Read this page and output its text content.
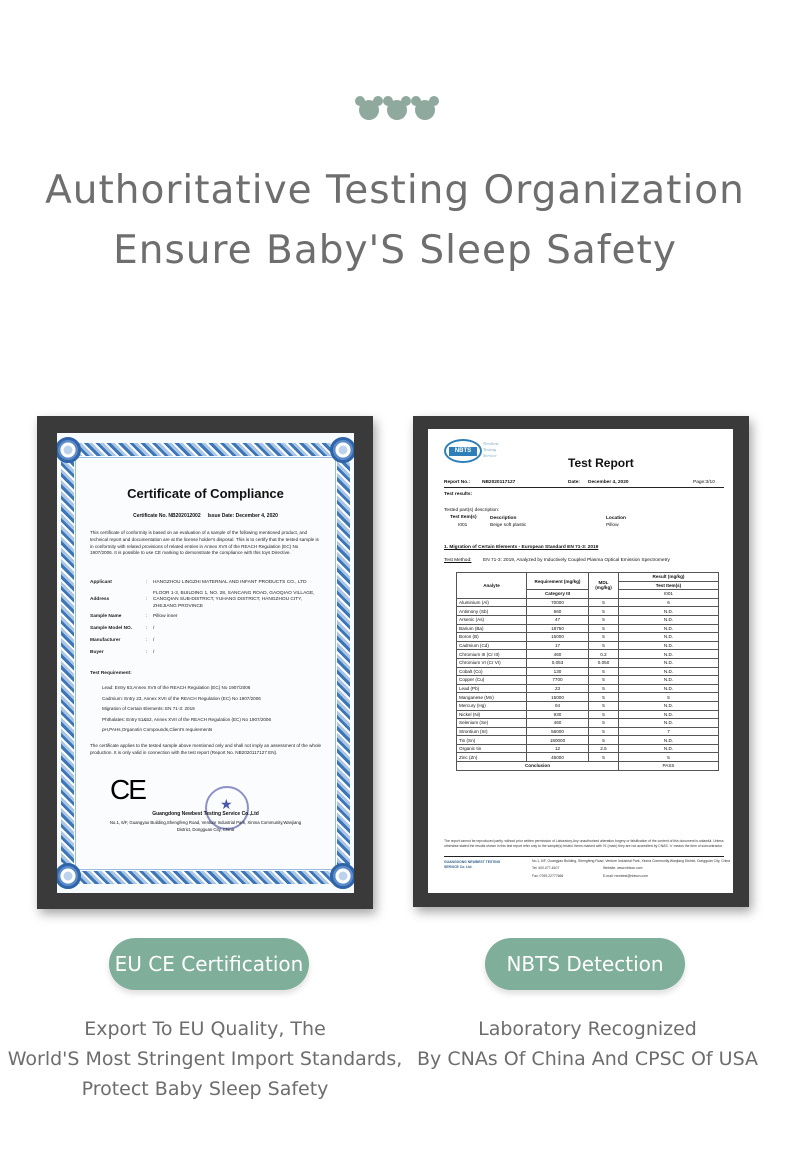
Authoritative Testing Organization
Ensure Baby'S Sleep Safety
Certificate of Compliance
Certificate No. NB202012002 Issue Date: December 4, 2020
This certificate of conformity is based on an evaluation of a sample of the following mentioned product, and technical report and documentation are at the license holder's disposal. This is to certify that the tested sample is in conformity with related provisions of related entries in Annex XVII of the REACH Regulation (EC) No 1907/2006. It is possible to use CE marking to demonstrate the compliance with this toys Directive.
Applicant	: HANGZHOU LINGZHI MATERNAL AND INFANT PRODUCTS CO., LTD
Address	:
FLOOR 1-3, BUILDING 1, NO. 28, SANCANG ROAD, GAOQIAO VILLAGE, CANGQIAN SUB-DISTRICT, YUHANG DISTRICT, HANGZHOU CITY, ZHEJIANG PROVINCE
Sample Name	: Pillow inner
Sample Model NO.	: /
Manufacturer	: /
Buyer	: /
Test Requirement:
Lead: Entry 63,Annex XVII of the REACH Regulation (EC) No 1907/2006
Cadmium: Entry 23, Annex XVII of the REACH Regulation (EC) No 1907/2006
Migration of Certain Elements: EN 71-3: 2019
Phthalates: Entry 51&52, Annex XVII of the REACH Regulation (EC) No 1907/2006
pH,PAHs,Organotin Compounds,Client's requirements
The certificate applies to the tested sample above mentioned only and shall not imply an assessment of the whole production. It is only valid in connection with the test report (Report No. NB2020117127 EN).
CE
★
Guangdong Newbest Testing Service Co.,Ltd
No.1, 6/F, Guangyao Building,Shengfeng Road, Venture Industrial Park, Xinma Community,Wanjiang District, Dongguan City, China
NBTS
Newbest
Testing
Service
Test Report
Report No.: NB2020117127	Date: December 4, 2020	Page:3/10
Test results:
Tested part(s) description:
Test Item(s)	Description	Location
I001	Beige soft plastic	Pillow
1. Migration of Certain Elements - European Standard EN 71-3: 2019
Test Method: EN 71-3: 2019, Analyzed by Inductively Coupled Plasma Optical Emission Spectrometry
Analyte	Requirement (mg/kg)	MDL (mg/kg)	Result (mg/kg)
			Test Item(s)
	Category III		I001
Aluminium (Al)	70000	5	6
Antimony (Sb)	560	5	N.D.
Arsenic (As)	47	5	N.D.
Barium (Ba)	18750	5	N.D.
Boron (B)	15000	5	N.D.
Cadmium (Cd)	17	5	N.D.
Chromium III (Cr III)	460	0.2	N.D.
Chromium VI (Cr VI)	0.053	0.050	N.D.
Cobalt (Co)	130	5	N.D.
Copper (Cu)	7700	5	N.D.
Lead (Pb)	23	5	N.D.
Manganese (Mn)	15000	5	5
Mercury (Hg)	94	5	N.D.
Nickel (Ni)	930	5	N.D.
Selenium (Se)	460	5	N.D.
Strontium (Sr)	56000	5	7
Tin (Sn)	180000	5	N.D.
Organic tin	12	2.5	N.D.
Zinc (Zn)	46000	5	5
Conclusion			PASS
The report cannot be reproduced partly, without prior written permission of Laboratory.Any unauthorized alteration,forgery or falsification of the content of this document is unlawful. Unless otherwise stated the results shown in this test report refer only to the sample(s) tested. Items marked with 'N' (mark) they are not accredited by CNAS. 'n' means the item of subcontractor.
GUANGDONG NEWBEST TESTING
SERVICE Co. Ltd.
No.1, 6/F, Guangyao Building, Shengfeng Road, Venture Industrial Park, Xinma Community,Wanjiang District, Dongguan City, China
Tel: 400-077-6107	Website: www.nbtscn.com
Fax: 0769-22777666	E-mail: newbest@nbtscn.com
EU CE Certification	NBTS Detection
Export To EU Quality, The
World'S Most Stringent Import Standards,
Protect Baby Sleep Safety
Laboratory Recognized
By CNAs Of China And CPSC Of USA
